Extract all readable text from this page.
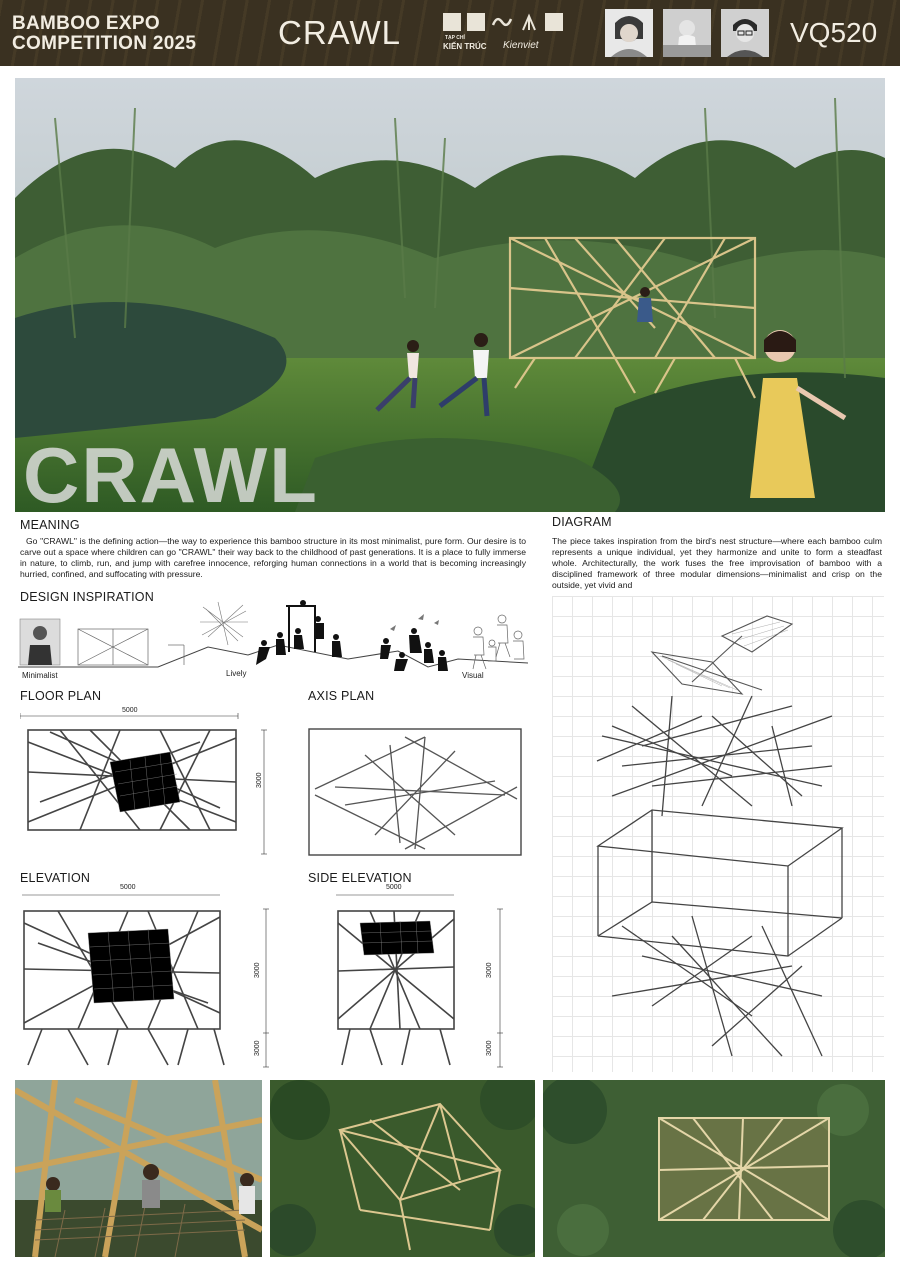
BAMBOO EXPO
COMPETITION 2025 CRAWL	TẠP CHÍ
KIẾN TRÚC Kienviet	VQ520
CRAWL
MEANING
Go "CRAWL" is the defining action—the way to experience this bamboo structure in its most minimalist, pure form. Our desire is to carve out a space where children can go "CRAWL" their way back to the childhood of past generations. It is a place to fully immerse in nature, to climb, run, and jump with carefree innocence, reforging human connections in a world that is becoming increasingly hurried, confined, and suffocating with pressure.
DESIGN INSPIRATION
Minimalist	Lively	Visual
FLOOR PLAN
5000
3000
AXIS PLAN
ELEVATION
5000
3000
3000
SIDE ELEVATION
5000
3000
3000
DIAGRAM
The piece takes inspiration from the bird's nest structure—where each bamboo culm represents a unique individual, yet they harmonize and unite to form a steadfast whole. Architecturally, the work fuses the free improvisation of bamboo with a disciplined framework of three modular dimensions—minimalist and crisp on the outside, yet vivid and
